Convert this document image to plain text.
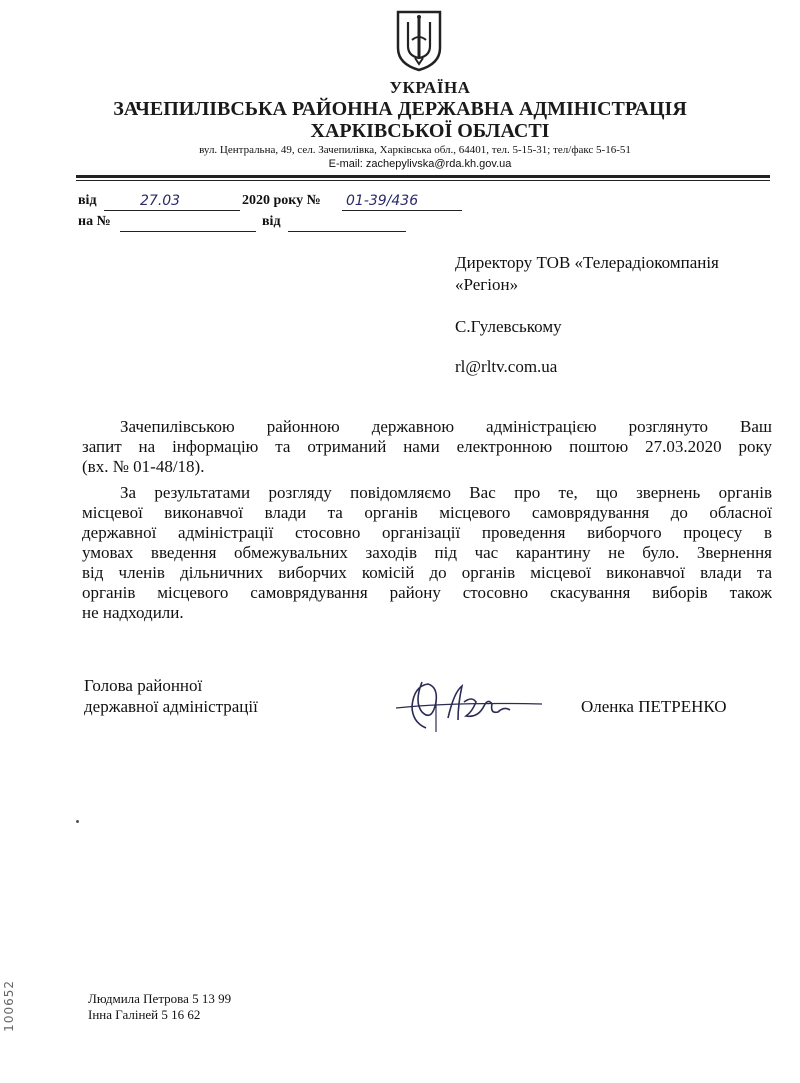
УКРАЇНА
ЗАЧЕПИЛІВСЬКА РАЙОННА ДЕРЖАВНА АДМІНІСТРАЦІЯ
ХАРКІВСЬКОЇ ОБЛАСТІ
вул. Центральна, 49, сел. Зачепилівка, Харківська обл., 64401, тел. 5-15-31; тел/факс 5-16-51
E-mail: zachepylivska@rda.kh.gov.ua
від	27.03	2020 року № 01-39/436
на №	від
Директору ТОВ «Телерадіокомпанія
«Регіон»
С.Гулевському
rl@rltv.com.ua
Зачепилівською районною державною адміністрацією розглянуто Ваш
запит на інформацію та отриманий нами електронною поштою 27.03.2020 року
(вх. № 01-48/18).
За результатами розгляду повідомляємо Вас про те, що звернень органів
місцевої виконавчої влади та органів місцевого самоврядування до обласної
державної адміністрації стосовно організації проведення виборчого процесу в
умовах введення обмежувальних заходів під час карантину не було. Звернення
від членів дільничних виборчих комісій до органів місцевої виконавчої влади та
органів місцевого самоврядування району стосовно скасування виборів також
не надходили.
Голова районної
державної адміністрації	Оленка ПЕТРЕНКО
Людмила Петрова 5 13 99
Інна Галіней 5 16 62
100652
